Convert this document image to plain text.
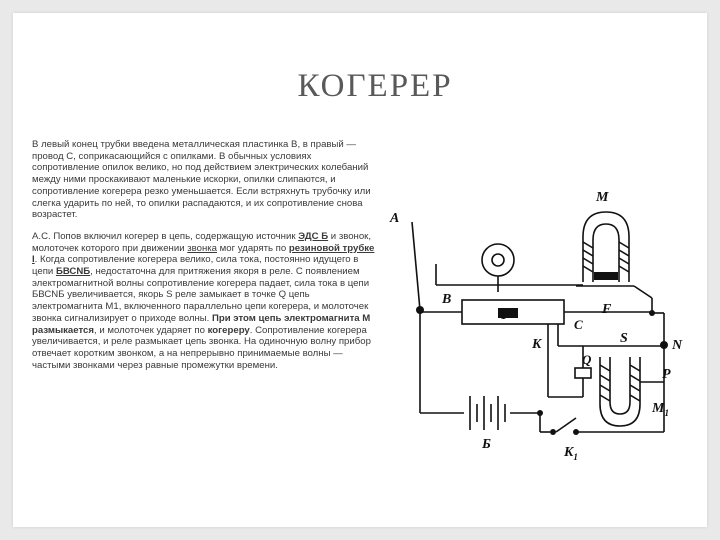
КОГЕРЕР

В левый конец трубки введена металлическая пластинка В, в правый — провод С, соприкасающийся с опилками. В обычных условиях сопротивление опилок велико, но под действием электрических колебаний между ними проскакивают маленькие искорки, опилки слипаются, и сопротивление когерера резко уменьшается. Если встряхнуть трубочку или слегка ударить по ней, то опилки распадаются, и их сопротивление снова возрастет.

А.С. Попов включил когерер в цепь, содержащую источник ЭДС Б и звонок, молоточек которого при движении звонка мог ударять по резиновой трубке I. Когда сопротивление когерера велико, сила тока, постоянно идущего в цепи БВСNБ, недостаточна для притяжения якоря в реле. С появлением электромагнитной волны сопротивление когерера падает, сила тока в цепи БВСNБ увеличивается, якорь S реле замыкает в точке Q цепь электромагнита М1, включенного параллельно цепи когерера, и молоточек звонка сигнализирует о приходе волны. При этом цепь электромагнита М размыкается, и молоточек ударяет по когереру. Сопротивление когерера увеличивается, и реле размыкает цепь звонка. На одиночную волну прибор отвечает коротким звонком, а на непрерывно принимаемые волны — частыми звонками через равные промежутки времени.

M
A
B
T	F
C
K	S	N
Q
P
$M_1$
Б
$K_1$
